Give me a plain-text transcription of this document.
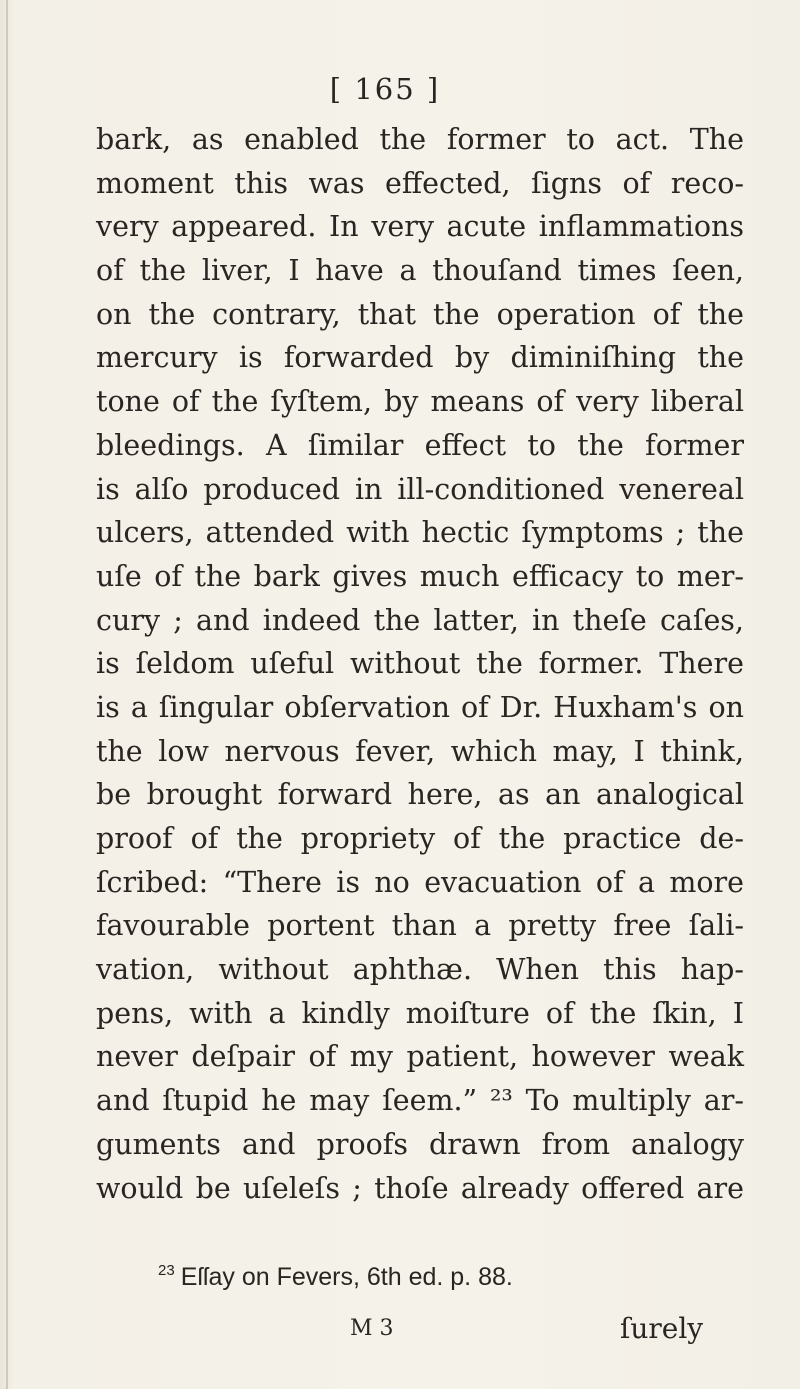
[ 165 ]
bark, as enabled the former to act. The
moment this was effected, ſigns of reco-
very appeared. In very acute inflammations
of the liver, I have a thouſand times ſeen,
on the contrary, that the operation of the
mercury is forwarded by diminiſhing the
tone of the ſyſtem, by means of very liberal
bleedings. A ſimilar effect to the former
is alſo produced in ill-conditioned venereal
ulcers, attended with hectic ſymptoms ; the
uſe of the bark gives much efficacy to mer-
cury ; and indeed the latter, in theſe caſes,
is ſeldom uſeful without the former. There
is a ſingular obſervation of Dr. Huxham's on
the low nervous fever, which may, I think,
be brought forward here, as an analogical
proof of the propriety of the practice de-
ſcribed: “There is no evacuation of a more
favourable portent than a pretty free ſali-
vation, without aphthæ. When this hap-
pens, with a kindly moiſture of the ſkin, I
never deſpair of my patient, however weak
and ſtupid he may ſeem.” ²³ To multiply ar-
guments and proofs drawn from analogy
would be uſeleſs ; thoſe already offered are
$^{23}$ Eſſay on Fevers, 6th ed. p. 88.
M 3	ſurely
